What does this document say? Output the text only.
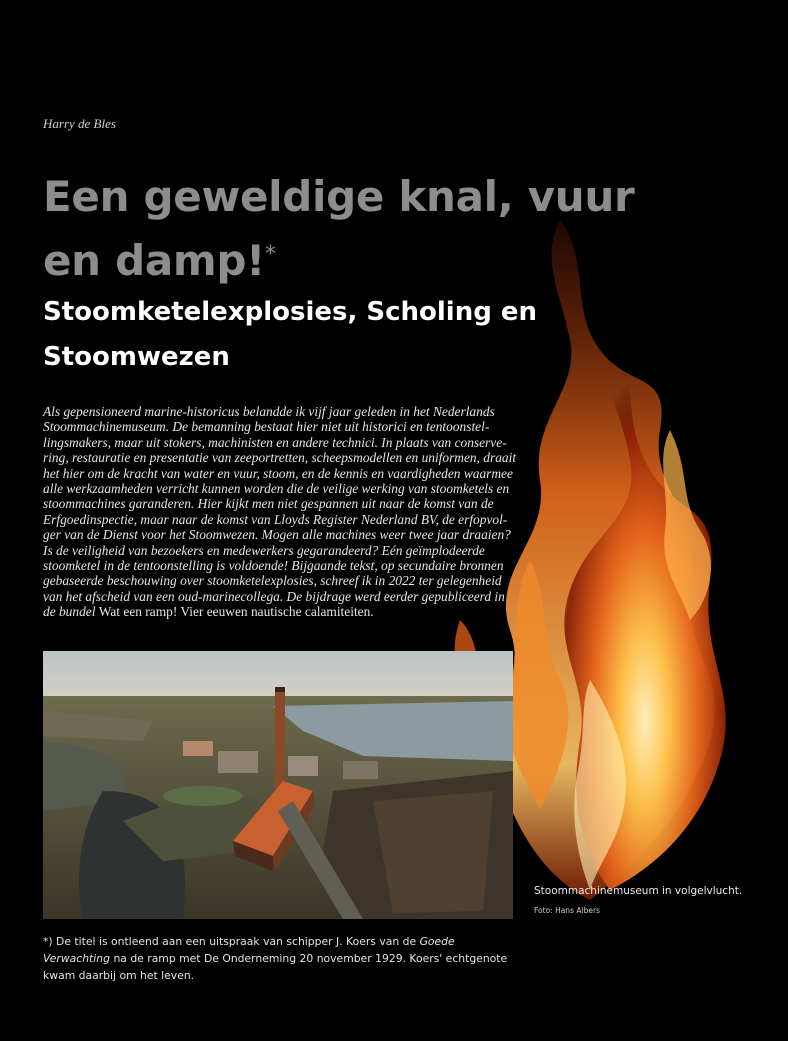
Harry de Bles
Een geweldige knal, vuur en damp!*
Stoomketelexplosies, Scholing en Stoomwezen
Als gepensioneerd marine-historicus belandde ik vijf jaar geleden in het Nederlands Stoommachinemuseum. De bemanning bestaat hier niet uit historici en tentoonstel-lingsmakers, maar uit stokers, machinisten en andere technici. In plaats van conserve-ring, restauratie en presentatie van zeeportretten, scheepsmodellen en uniformen, draait het hier om de kracht van water en vuur, stoom, en de kennis en vaardigheden waarmee alle werkzaamheden verricht kunnen worden die de veilige werking van stoomketels en stoommachines garanderen. Hier kijkt men niet gespannen uit naar de komst van de Erfgoedinspectie, maar naar de komst van Lloyds Register Nederland BV, de erfopvol-ger van de Dienst voor het Stoomwezen. Mogen alle machines weer twee jaar draaien? Is de veiligheid van bezoekers en medewerkers gegarandeerd? Eén geïmplodeerde stoomketel in de tentoonstelling is voldoende! Bijgaande tekst, op secundaire bronnen gebaseerde beschouwing over stoomketelexplosies, schreef ik in 2022 ter gelegenheid van het afscheid van een oud-marinecollega. De bijdrage werd eerder gepubliceerd in de bundel Wat een ramp! Vier eeuwen nautische calamiteiten.
Stoommachinemuseum in volgelvlucht.
Foto: Hans Albers
*) De titel is ontleend aan een uitspraak van schipper J. Koers van de Goede Verwachting na de ramp met De Onderneming 20 november 1929. Koers' echtgenote kwam daarbij om het leven.
